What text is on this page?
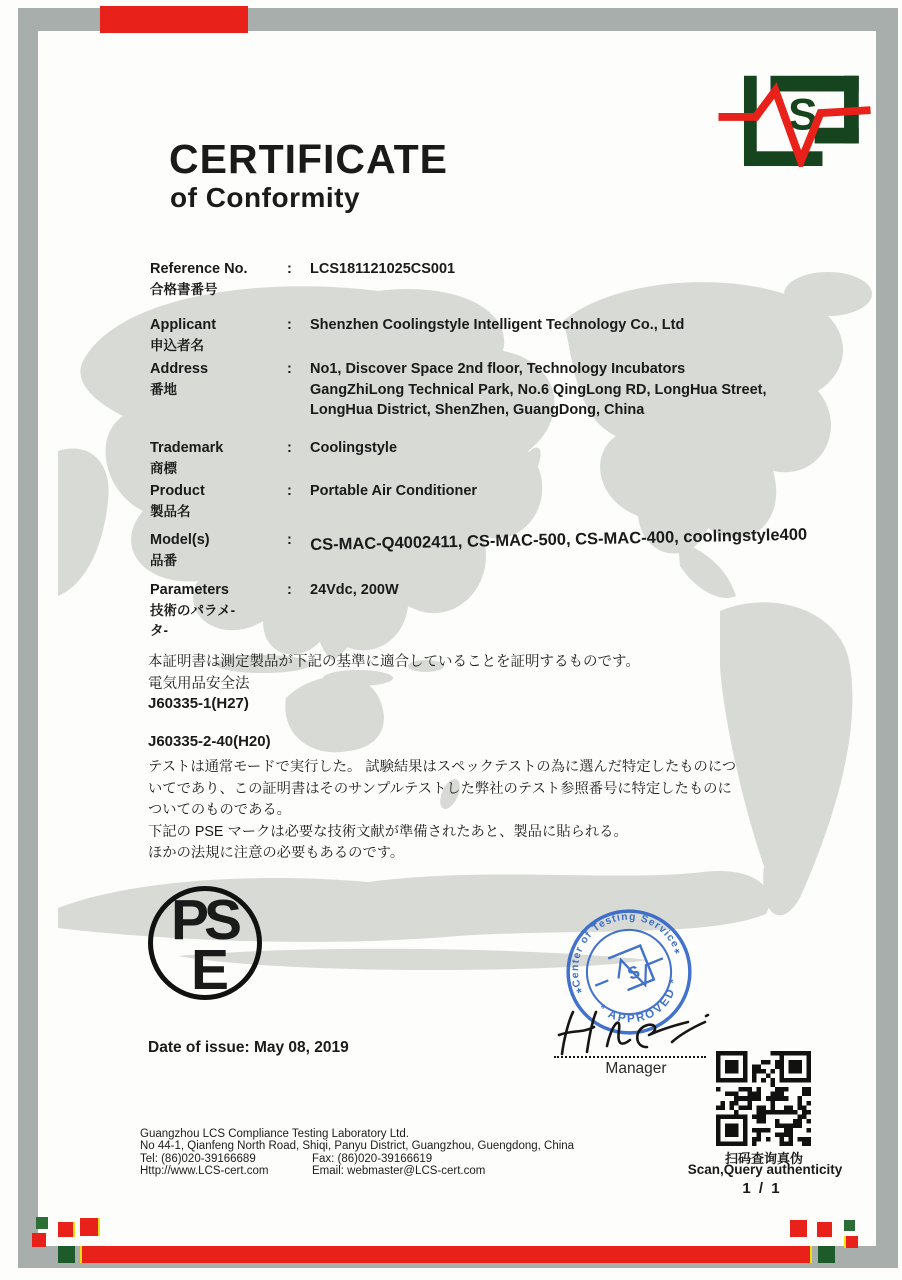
S
CERTIFICATE
of Conformity
Reference No.
合格書番号
:	LCS181121025CS001
Applicant
申込者名
:	Shenzhen Coolingstyle Intelligent Technology Co., Ltd
Address
番地
:	No1, Discover Space 2nd floor, Technology Incubators
GangZhiLong Technical Park, No.6 QingLong RD, LongHua Street,
LongHua District, ShenZhen, GuangDong, China
Trademark
商標
:	Coolingstyle
Product
製品名
:	Portable Air Conditioner
Model(s)
品番
:	CS-MAC-Q4002411, CS-MAC-500, CS-MAC-400, coolingstyle400
Parameters
技術のパラメ-
タ-
:	24Vdc, 200W
本証明書は測定製品が下記の基準に適合していることを証明するものです。
電気用品安全法
J60335-1(H27)
J60335-2-40(H20)
テストは通常モードで実行した。 試験結果はスペックテストの為に選んだ特定したものにつ
いてであり、この証明書はそのサンプルテストした弊社のテスト参照番号に特定したものに
ついてのものである。
下記の PSE マークは必要な技術文献が準備されたあと、製品に貼られる。
ほかの法規に注意の必要もあるのです。
PS
E
Date of issue: May 08, 2019
Center of Testing Service
* APPROVED *
*
*
S
Manager
扫码查询真伪
Scan,Query authenticity
1 / 1
Guangzhou LCS Compliance Testing Laboratory Ltd.
No 44-1, Qianfeng North Road, Shiqi, Panyu District, Guangzhou, Guengdong, China
Tel: (86)020-39166689	Fax: (86)020-39166619
Http://www.LCS-cert.com	Email: webmaster@LCS-cert.com
